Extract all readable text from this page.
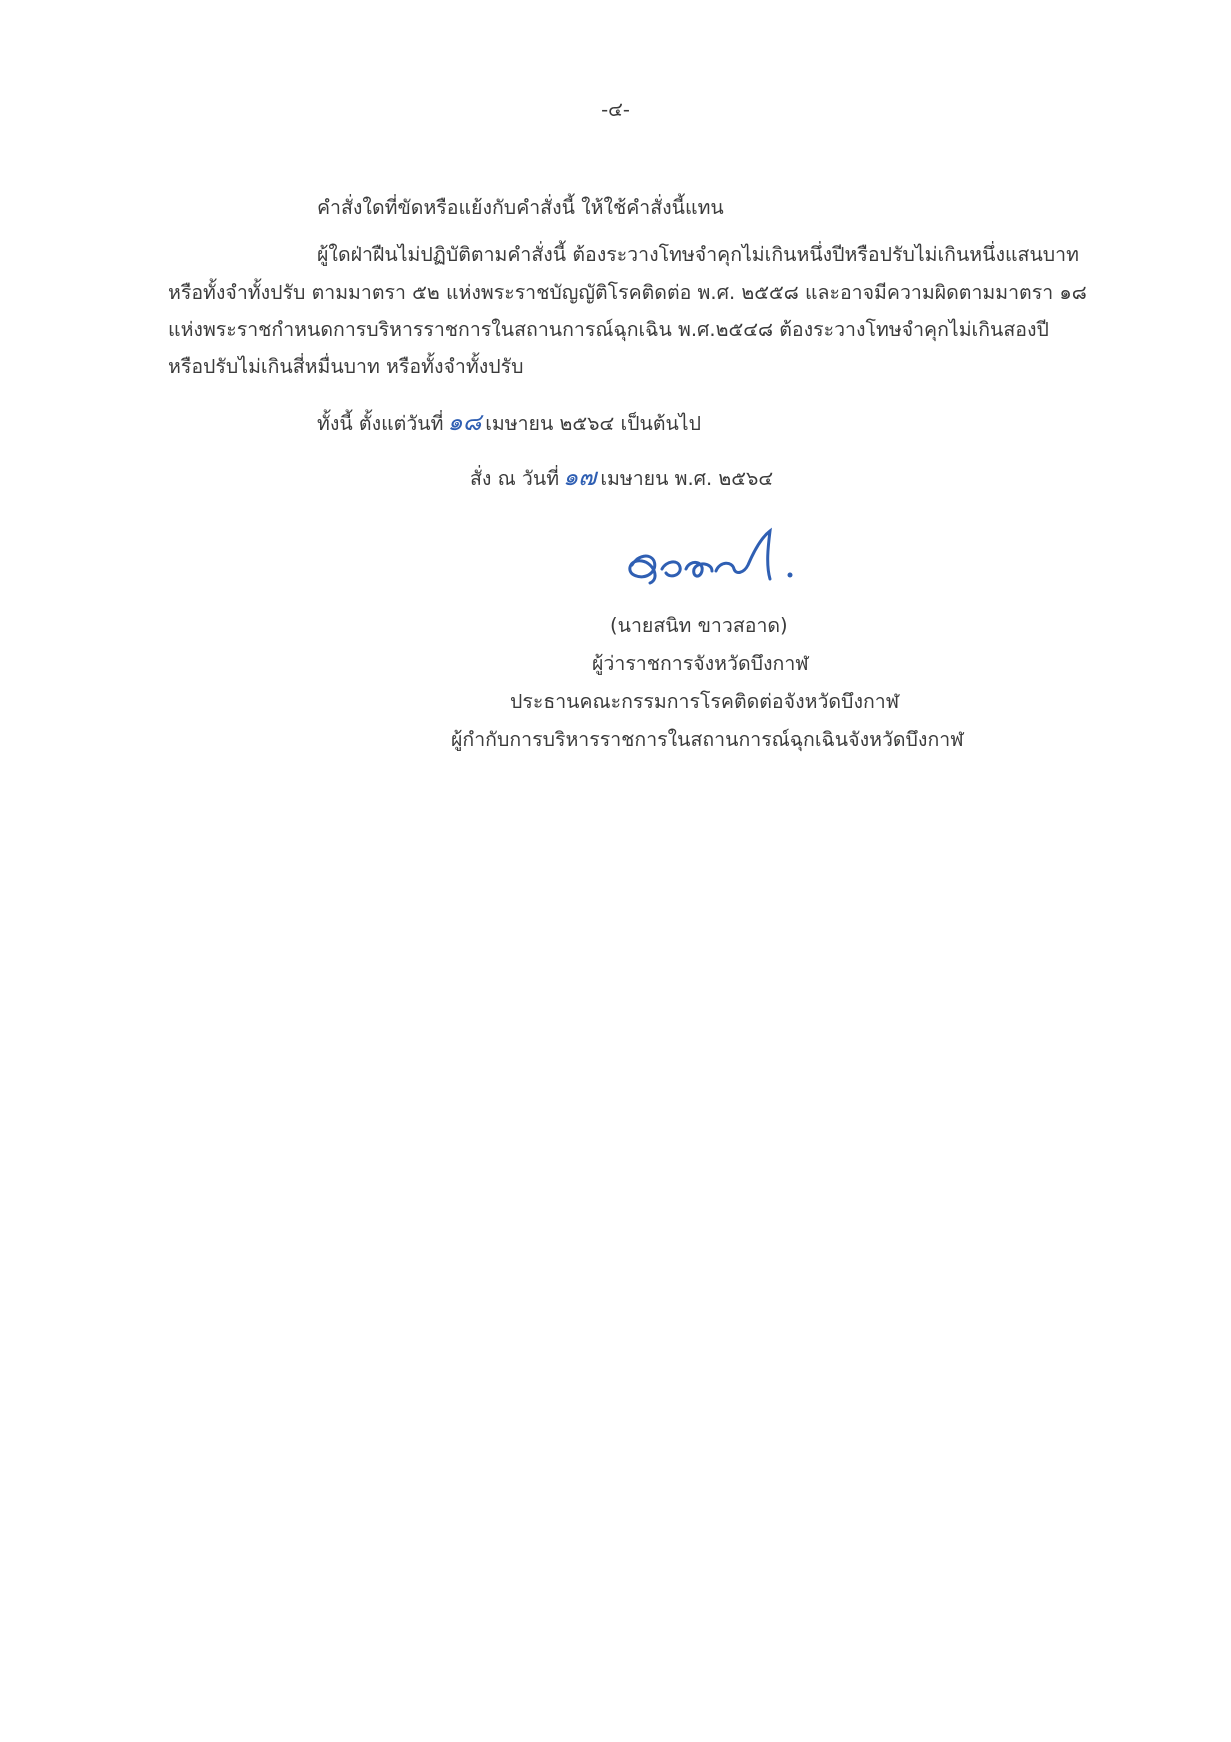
-๔-
คำสั่งใดที่ขัดหรือแย้งกับคำสั่งนี้ ให้ใช้คำสั่งนี้แทน
ผู้ใดฝ่าฝืนไม่ปฏิบัติตามคำสั่งนี้ ต้องระวางโทษจำคุกไม่เกินหนึ่งปีหรือปรับไม่เกินหนึ่งแสนบาท
หรือทั้งจำทั้งปรับ ตามมาตรา ๕๒ แห่งพระราชบัญญัติโรคติดต่อ พ.ศ. ๒๕๕๘ และอาจมีความผิดตามมาตรา ๑๘
แห่งพระราชกำหนดการบริหารราชการในสถานการณ์ฉุกเฉิน พ.ศ.๒๕๔๘ ต้องระวางโทษจำคุกไม่เกินสองปี
หรือปรับไม่เกินสี่หมื่นบาท หรือทั้งจำทั้งปรับ
ทั้งนี้ ตั้งแต่วันที่ ๑๘ เมษายน ๒๕๖๔ เป็นต้นไป
สั่ง ณ วันที่ ๑๗ เมษายน พ.ศ. ๒๕๖๔
(นายสนิท ขาวสอาด)
ผู้ว่าราชการจังหวัดบึงกาฬ
ประธานคณะกรรมการโรคติดต่อจังหวัดบึงกาฬ
ผู้กำกับการบริหารราชการในสถานการณ์ฉุกเฉินจังหวัดบึงกาฬ
